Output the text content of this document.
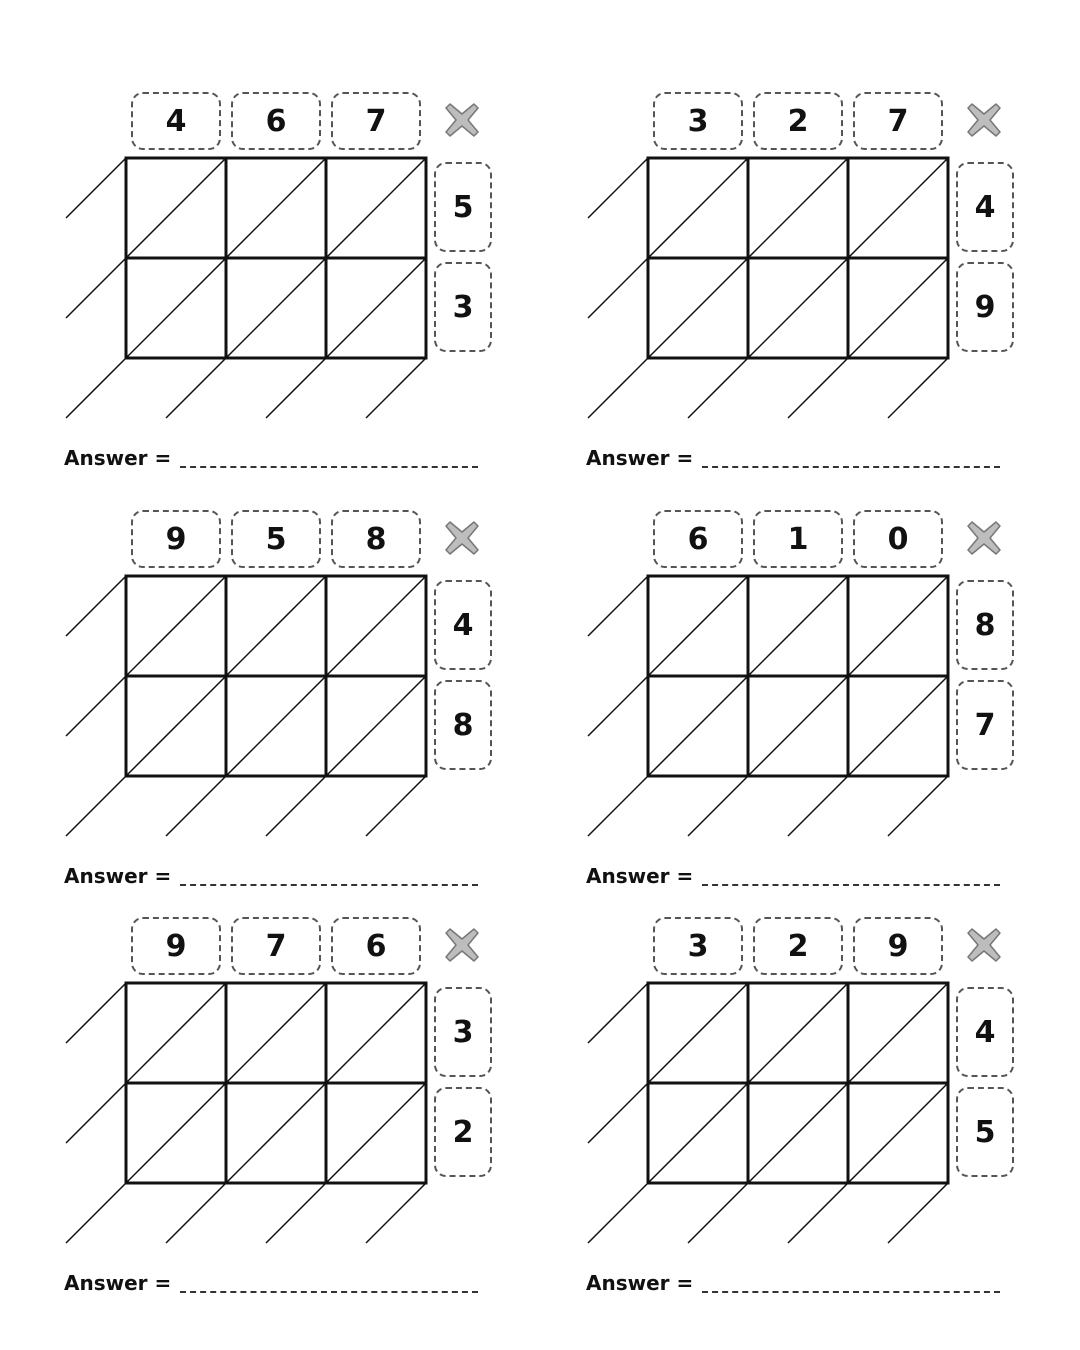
4	6	7
5
3
Answer =
3	2	7
4
9
Answer =
9	5	8
4
8
Answer =
6	1	0
8
7
Answer =
9	7	6
3
2
Answer =
3	2	9
4
5
Answer =
